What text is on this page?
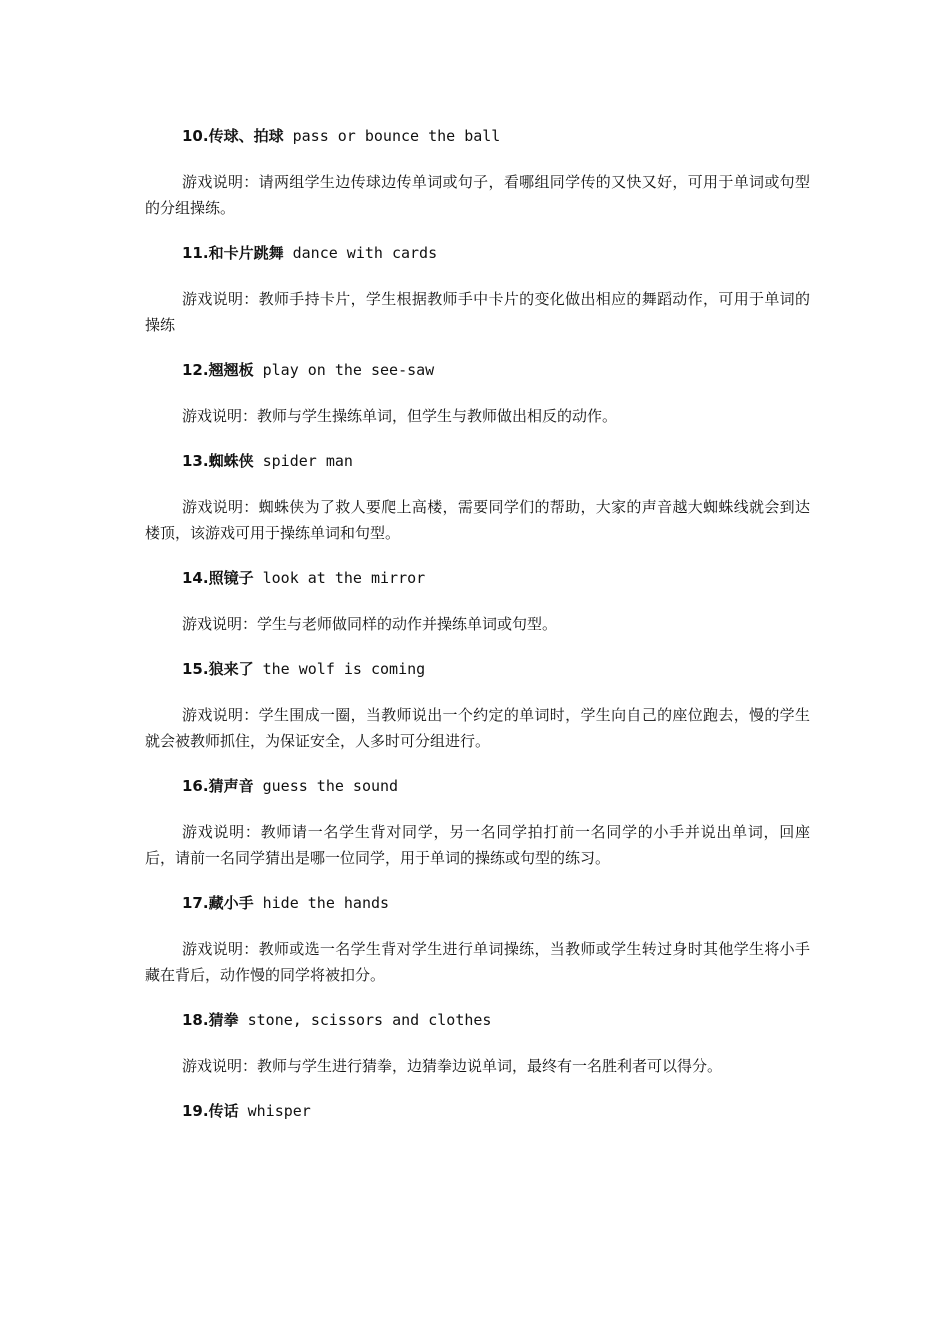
10.传球、拍球 pass or bounce the ball

游戏说明：请两组学生边传球边传单词或句子，看哪组同学传的又快又好，可用于单词或句型的分组操练。

11.和卡片跳舞 dance with cards

游戏说明：教师手持卡片，学生根据教师手中卡片的变化做出相应的舞蹈动作，可用于单词的操练

12.翘翘板 play on the see-saw

游戏说明：教师与学生操练单词，但学生与教师做出相反的动作。

13.蜘蛛侠 spider man

游戏说明：蜘蛛侠为了救人要爬上高楼，需要同学们的帮助，大家的声音越大蜘蛛线就会到达楼顶，该游戏可用于操练单词和句型。

14.照镜子 look at the mirror

游戏说明：学生与老师做同样的动作并操练单词或句型。

15.狼来了 the wolf is coming

游戏说明：学生围成一圈，当教师说出一个约定的单词时，学生向自己的座位跑去，慢的学生就会被教师抓住，为保证安全，人多时可分组进行。

16.猜声音 guess the sound

游戏说明：教师请一名学生背对同学，另一名同学拍打前一名同学的小手并说出单词，回座后，请前一名同学猜出是哪一位同学，用于单词的操练或句型的练习。

17.藏小手 hide the hands

游戏说明：教师或选一名学生背对学生进行单词操练，当教师或学生转过身时其他学生将小手藏在背后，动作慢的同学将被扣分。

18.猜拳 stone, scissors and clothes

游戏说明：教师与学生进行猜拳，边猜拳边说单词，最终有一名胜利者可以得分。

19.传话 whisper
